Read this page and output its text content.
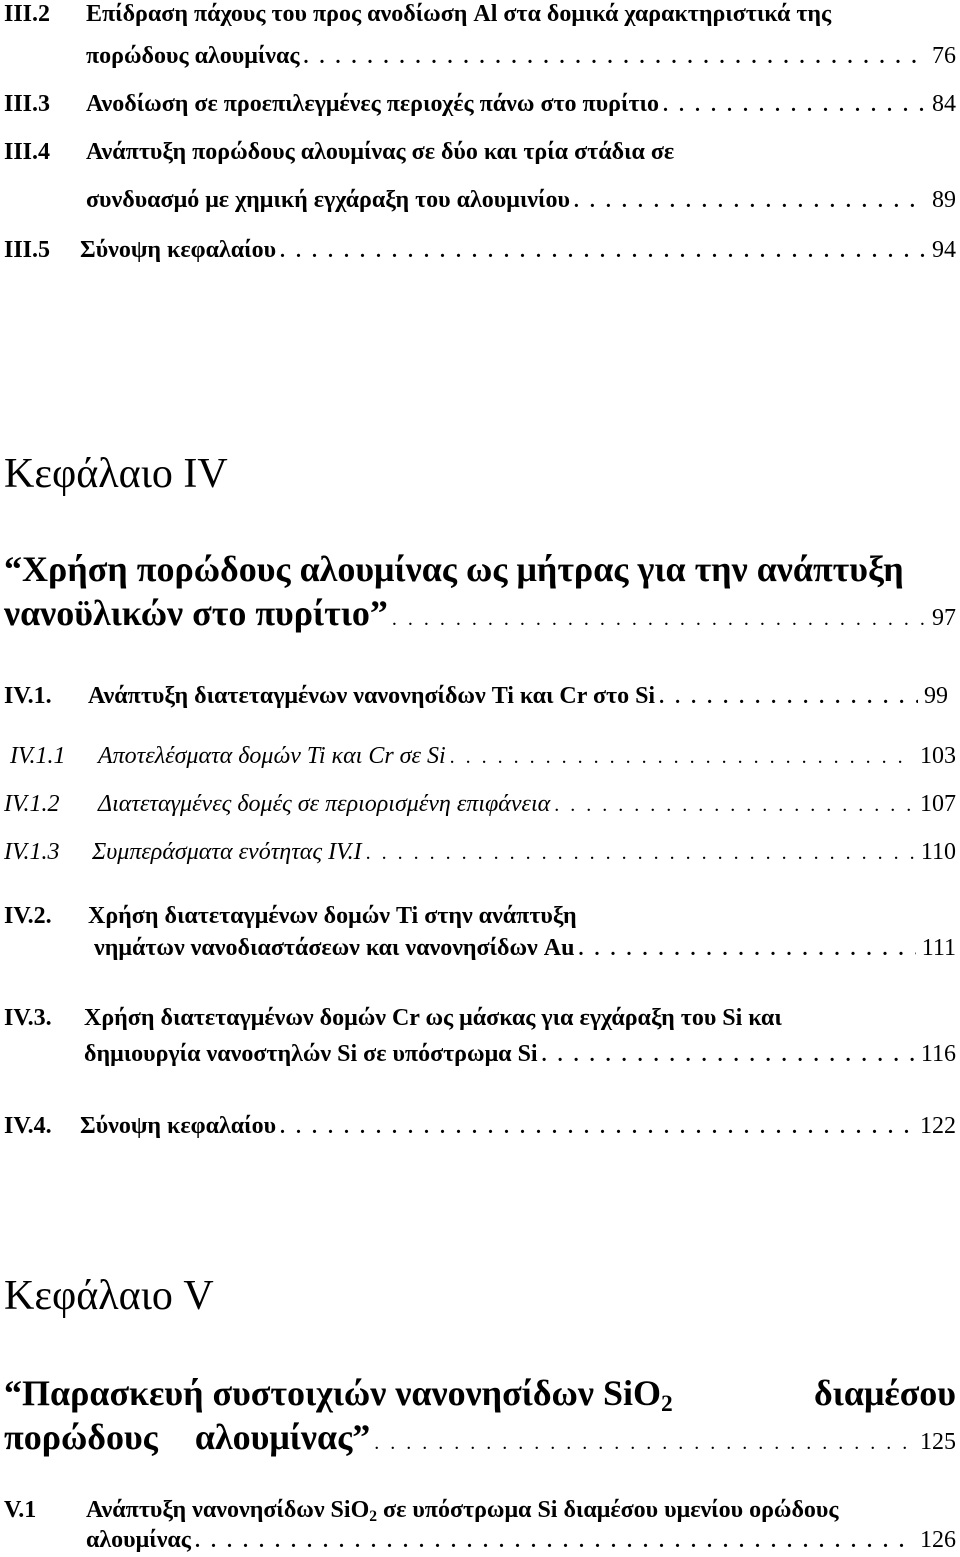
III.2 Επίδραση πάχους του προς ανοδίωση Al στα δομικά χαρακτηριστικά της
πορώδους αλουμίνας . . .	76
III.3 Ανοδίωση σε προεπιλεγμένες περιοχές πάνω στο πυρίτιο . . .	84
III.4 Ανάπτυξη πορώδους αλουμίνας σε δύο και τρία στάδια σε
συνδυασμό με χημική εγχάραξη του αλουμινίου . . .	89
III.5 Σύνοψη κεφαλαίου . . .	94
Κεφάλαιο IV
“Χρήση πορώδους αλουμίνας ως μήτρας για την ανάπτυξη
νανοϋλικών στο πυρίτιο” . . .	97
IV.1. Ανάπτυξη διατεταγμένων νανονησίδων Ti και Cr στο Si . . .	99
IV.1.1 Αποτελέσματα δομών Ti και Cr σε Si . . .	103
IV.1.2 Διατεταγμένες δομές σε περιορισμένη επιφάνεια . . .	107
IV.1.3 Συμπεράσματα ενότητας IV.I . . .	110
IV.2. Χρήση διατεταγμένων δομών Ti στην ανάπτυξη
νημάτων νανοδιαστάσεων και νανονησίδων Au . . .	111
IV.3. Χρήση διατεταγμένων δομών Cr ως μάσκας για εγχάραξη του Si και
δημιουργία νανοστηλών Si σε υπόστρωμα Si . . .	116
IV.4. Σύνοψη κεφαλαίου . . .	122
Κεφάλαιο V
“Παρασκευή συστοιχιών νανονησίδων SiO$_2$	διαμέσου
πορώδους αλουμίνας” . . .	125
V.1 Ανάπτυξη νανονησίδων SiO$_2$ σε υπόστρωμα Si διαμέσου υμενίου ορώδους
αλουμίνας . . .	126
